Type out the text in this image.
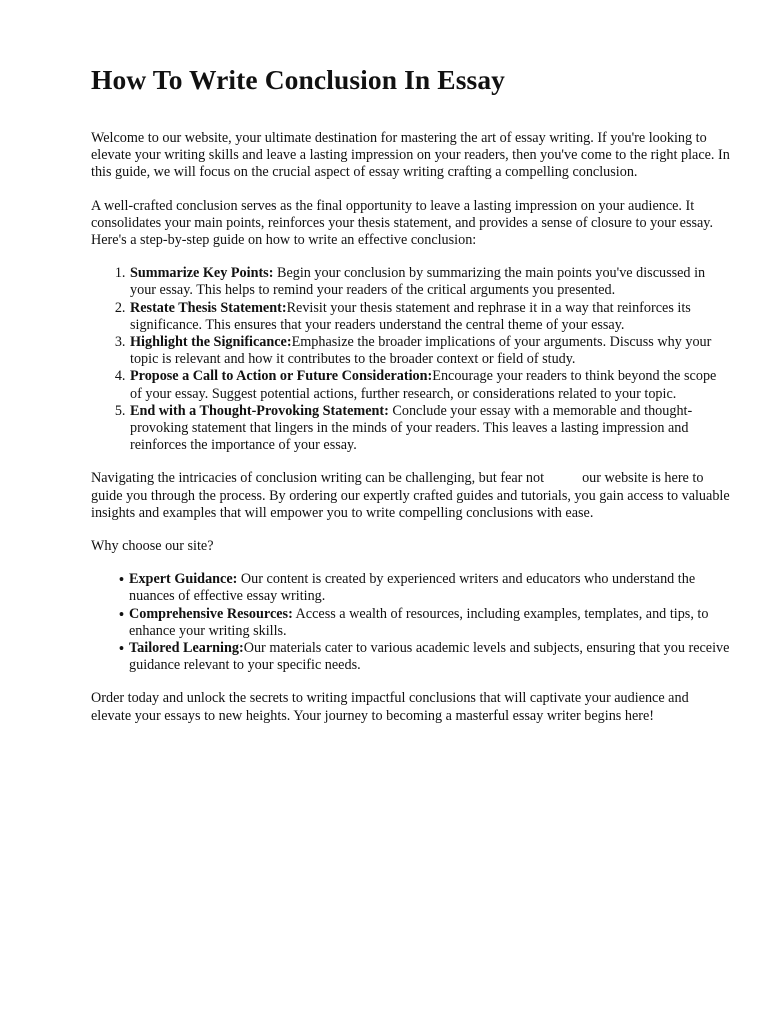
How To Write Conclusion In Essay

Welcome to our website, your ultimate destination for mastering the art of essay writing. If you're looking to elevate your writing skills and leave a lasting impression on your readers, then you've come to the right place. In this guide, we will focus on the crucial aspect of essay writing crafting a compelling conclusion.

A well-crafted conclusion serves as the final opportunity to leave a lasting impression on your audience. It consolidates your main points, reinforces your thesis statement, and provides a sense of closure to your essay. Here's a step-by-step guide on how to write an effective conclusion:

1. Summarize Key Points: Begin your conclusion by summarizing the main points you've discussed in your essay. This helps to remind your readers of the critical arguments you presented.
2. Restate Thesis Statement:Revisit your thesis statement and rephrase it in a way that reinforces its significance. This ensures that your readers understand the central theme of your essay.
3. Highlight the Significance:Emphasize the broader implications of your arguments. Discuss why your topic is relevant and how it contributes to the broader context or field of study.
4. Propose a Call to Action or Future Consideration:Encourage your readers to think beyond the scope of your essay. Suggest potential actions, further research, or considerations related to your topic.
5. End with a Thought-Provoking Statement: Conclude your essay with a memorable and thought-provoking statement that lingers in the minds of your readers. This leaves a lasting impression and reinforces the importance of your essay.

Navigating the intricacies of conclusion writing can be challenging, but fear not	our website is here to guide you through the process. By ordering our expertly crafted guides and tutorials, you gain access to valuable insights and examples that will empower you to write compelling conclusions with ease.

Why choose our site?

• Expert Guidance: Our content is created by experienced writers and educators who understand the nuances of effective essay writing.
• Comprehensive Resources: Access a wealth of resources, including examples, templates, and tips, to enhance your writing skills.
• Tailored Learning:Our materials cater to various academic levels and subjects, ensuring that you receive guidance relevant to your specific needs.

Order today and unlock the secrets to writing impactful conclusions that will captivate your audience and elevate your essays to new heights. Your journey to becoming a masterful essay writer begins here!
